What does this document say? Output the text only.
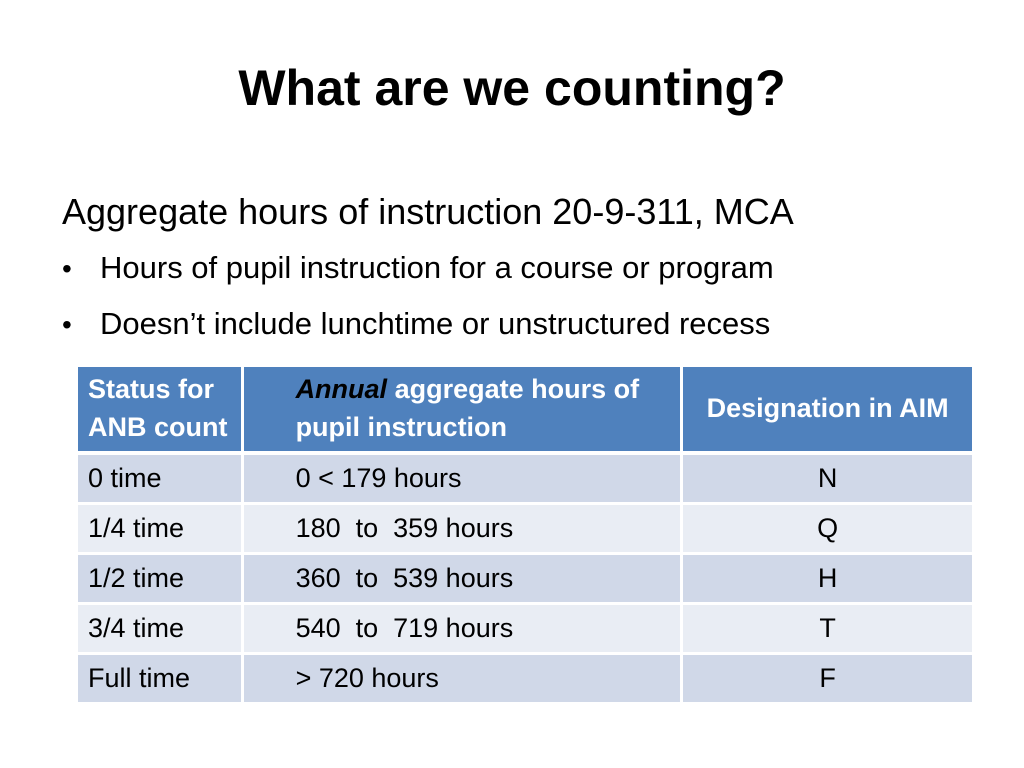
What are we counting?

Aggregate hours of instruction 20-9-311, MCA

• Hours of pupil instruction for a course or program
• Doesn’t include lunchtime or unstructured recess
Status for ANB count	Annual aggregate hours of pupil instruction	Designation in AIM
0 time	0 < 179 hours	N
1/4 time	180  to  359 hours	Q
1/2 time	360  to  539 hours	H
3/4 time	540  to  719 hours	T
Full time	> 720 hours	F
